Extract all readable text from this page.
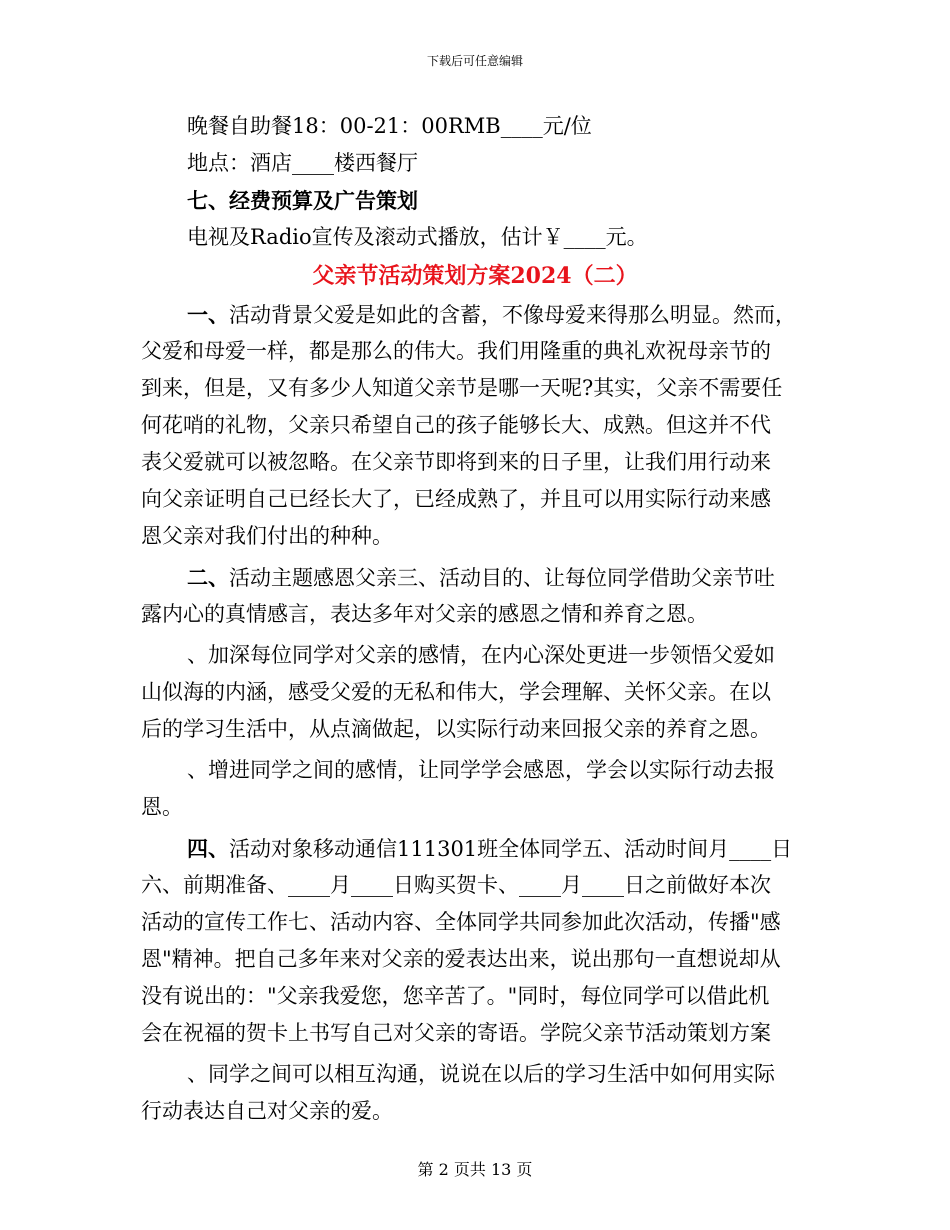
下载后可任意编辑
晚餐自助餐18：00-21：00RMB____元/位
地点：酒店____楼西餐厅
七、经费预算及广告策划
电视及Radio宣传及滚动式播放，估计￥____元。
父亲节活动策划方案2024（二）
一、活动背景父爱是如此的含蓄，不像母爱来得那么明显。然而，
父爱和母爱一样，都是那么的伟大。我们用隆重的典礼欢祝母亲节的
到来，但是，又有多少人知道父亲节是哪一天呢?其实，父亲不需要任
何花哨的礼物，父亲只希望自己的孩子能够长大、成熟。但这并不代
表父爱就可以被忽略。在父亲节即将到来的日子里，让我们用行动来
向父亲证明自己已经长大了，已经成熟了，并且可以用实际行动来感
恩父亲对我们付出的种种。
二、活动主题感恩父亲三、活动目的、让每位同学借助父亲节吐
露内心的真情感言，表达多年对父亲的感恩之情和养育之恩。
、加深每位同学对父亲的感情，在内心深处更进一步领悟父爱如
山似海的内涵，感受父爱的无私和伟大，学会理解、关怀父亲。在以
后的学习生活中，从点滴做起，以实际行动来回报父亲的养育之恩。
、增进同学之间的感情，让同学学会感恩，学会以实际行动去报
恩。
四、活动对象移动通信111301班全体同学五、活动时间月____日
六、前期准备、____月____日购买贺卡、____月____日之前做好本次
活动的宣传工作七、活动内容、全体同学共同参加此次活动，传播"感
恩"精神。把自己多年来对父亲的爱表达出来，说出那句一直想说却从
没有说出的："父亲我爱您，您辛苦了。"同时，每位同学可以借此机
会在祝福的贺卡上书写自己对父亲的寄语。学院父亲节活动策划方案
、同学之间可以相互沟通，说说在以后的学习生活中如何用实际
行动表达自己对父亲的爱。
第 2 页共 13 页
